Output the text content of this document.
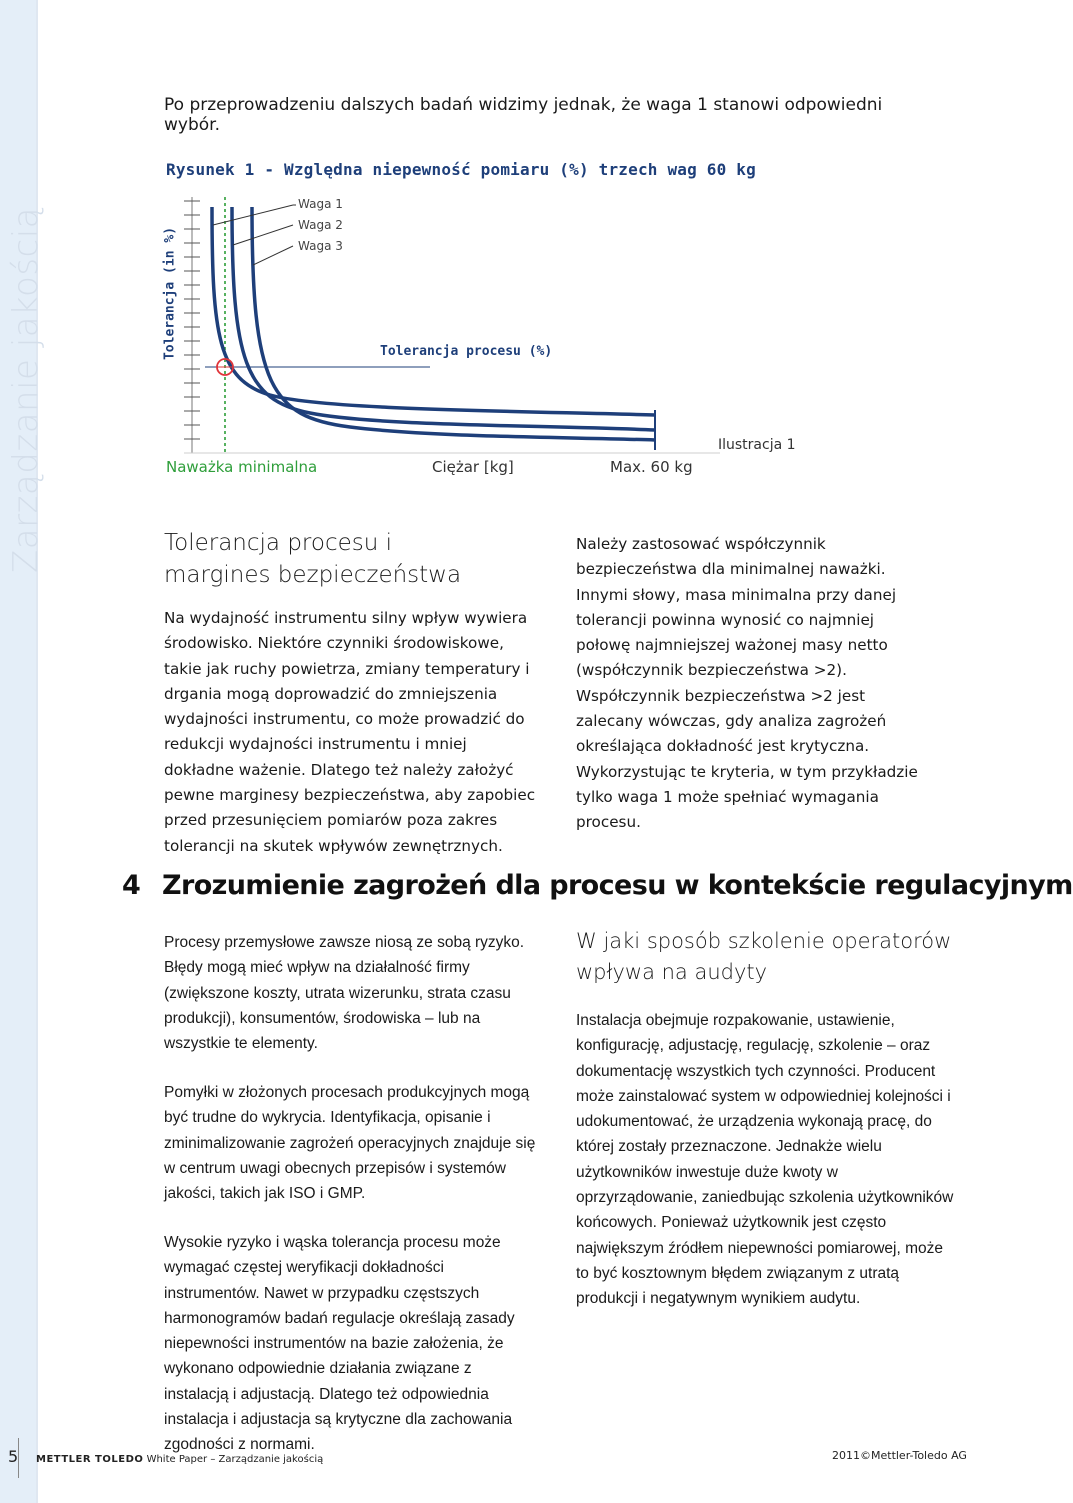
Zarządzanie jakością
Po przeprowadzeniu dalszych badań widzimy jednak, że waga 1 stanowi odpowiedni wybór.
Rysunek 1 - Względna niepewność pomiaru (%) trzech wag 60 kg
Tolerancja (in %)
Waga 1
Waga 2
Waga 3
Tolerancja procesu (%)
Naważka minimalna	Ciężar [kg]	Max. 60 kg
Ilustracja 1
Tolerancja procesu i margines bezpieczeństwa

Na wydajność instrumentu silny wpływ wywiera środowisko. Niektóre czynniki środowiskowe, takie jak ruchy powietrza, zmiany temperatury i drgania mogą doprowadzić do zmniejszenia wydajności instrumentu, co może prowadzić do redukcji wydajności instrumentu i mniej dokładne ważenie. Dlatego też należy założyć pewne marginesy bezpieczeństwa, aby zapobiec przed przesunięciem pomiarów poza zakres tolerancji na skutek wpływów zewnętrznych.

Należy zastosować współczynnik bezpieczeństwa dla minimalnej naważki. Innymi słowy, masa minimalna przy danej tolerancji powinna wynosić co najmniej połowę najmniejszej ważonej masy netto (współczynnik bezpieczeństwa >2). Współczynnik bezpieczeństwa >2 jest zalecany wówczas, gdy analiza zagrożeń określająca dokładność jest krytyczna. Wykorzystując te kryteria, w tym przykładzie tylko waga 1 może spełniać wymagania procesu.

4 Zrozumienie zagrożeń dla procesu w kontekście regulacyjnym

Procesy przemysłowe zawsze niosą ze sobą ryzyko. Błędy mogą mieć wpływ na działalność firmy (zwiększone koszty, utrata wizerunku, strata czasu produkcji), konsumentów, środowiska – lub na wszystkie te elementy.

Pomyłki w złożonych procesach produkcyjnych mogą być trudne do wykrycia. Identyfikacja, opisanie i zminimalizowanie zagrożeń operacyjnych znajduje się w centrum uwagi obecnych przepisów i systemów jakości, takich jak ISO i GMP.

Wysokie ryzyko i wąska tolerancja procesu może wymagać częstej weryfikacji dokładności instrumentów. Nawet w przypadku częstszych harmonogramów badań regulacje określają zasady niepewności instrumentów na bazie założenia, że wykonano odpowiednie działania związane z instalacją i adjustacją. Dlatego też odpowiednia instalacja i adjustacja są krytyczne dla zachowania zgodności z normami.

W jaki sposób szkolenie operatorów wpływa na audyty

Instalacja obejmuje rozpakowanie, ustawienie, konfigurację, adjustację, regulację, szkolenie – oraz dokumentację wszystkich tych czynności. Producent może zainstalować system w odpowiedniej kolejności i udokumentować, że urządzenia wykonają pracę, do której zostały przeznaczone. Jednakże wielu użytkowników inwestuje duże kwoty w oprzyrządowanie, zaniedbując szkolenia użytkowników końcowych. Ponieważ użytkownik jest często największym źródłem niepewności pomiarowej, może to być kosztownym błędem związanym z utratą produkcji i negatywnym wynikiem audytu.

5 METTLER TOLEDO White Paper – Zarządzanie jakością	2011©Mettler-Toledo AG
